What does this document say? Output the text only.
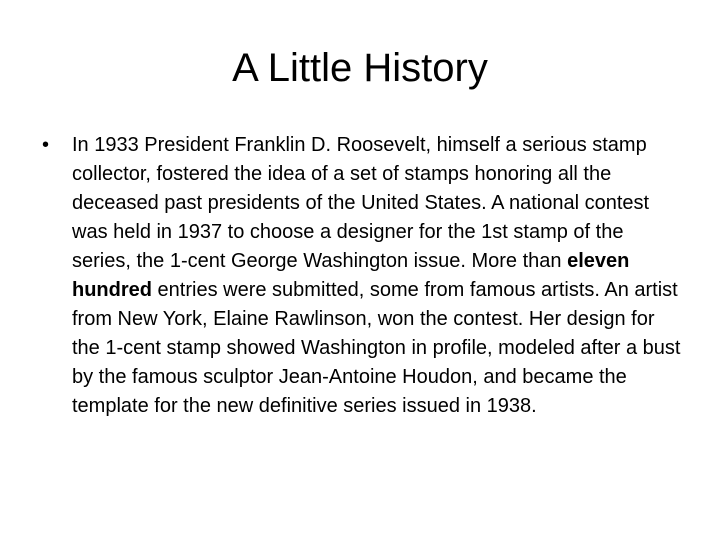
A Little History
•	In 1933 President Franklin D. Roosevelt, himself a serious stamp collector, fostered the idea of a set of stamps honoring all the deceased past presidents of the United States. A national contest was held in 1937 to choose a designer for the 1st stamp of the series, the 1-cent George Washington issue. More than eleven hundred entries were submitted, some from famous artists. An artist from New York, Elaine Rawlinson, won the contest. Her design for the 1-cent stamp showed Washington in profile, modeled after a bust by the famous sculptor Jean-Antoine Houdon, and became the template for the new definitive series issued in 1938.
